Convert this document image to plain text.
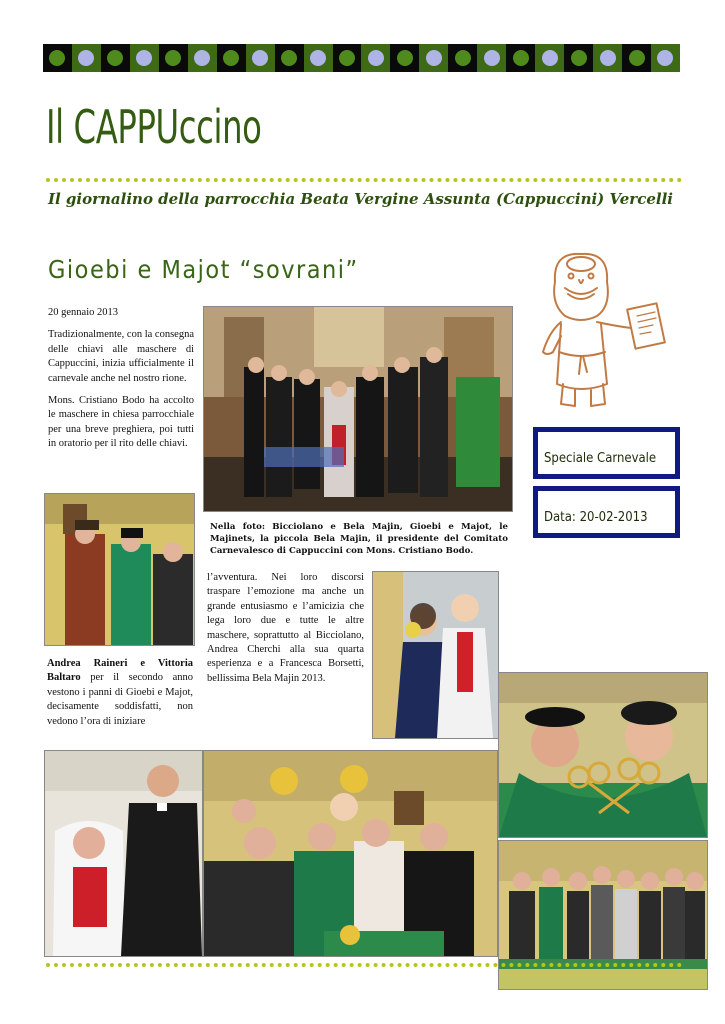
Il CAPPUccino
Il giornalino della parrocchia Beata Vergine Assunta (Cappuccini) Vercelli
Gioebi e Majot “sovrani”

20 gennaio 2013

Tradizionalmente, con la consegna delle chiavi alle maschere di Cappuccini, inizia ufficialmente il carnevale anche nel nostro rione.

Mons. Cristiano Bodo ha accolto le maschere in chiesa parrocchiale per una breve preghiera, poi tutti in oratorio per il rito delle chiavi.

Speciale Carnevale
Data: 20-02-2013
Nella foto: Bicciolano e Bela Majin, Gioebi e Majot, le Majinets, la piccola Bela Majin, il presidente del Comitato Carnevalesco di Cappuccini con Mons. Cristiano Bodo.

Andrea Raineri e Vittoria Baltaro per il secondo anno vestono i panni di Gioebi e Majot, decisamente soddisfatti, non vedono l’ora di iniziare

l’avventura. Nei loro discorsi traspare l’emozione ma anche un grande entusiasmo e l’amicizia che lega loro due e tutte le altre maschere, soprattutto al Bicciolano, Andrea Cherchi alla sua quarta esperienza e a Francesca Borsetti, bellissima Bela Majin 2013.
